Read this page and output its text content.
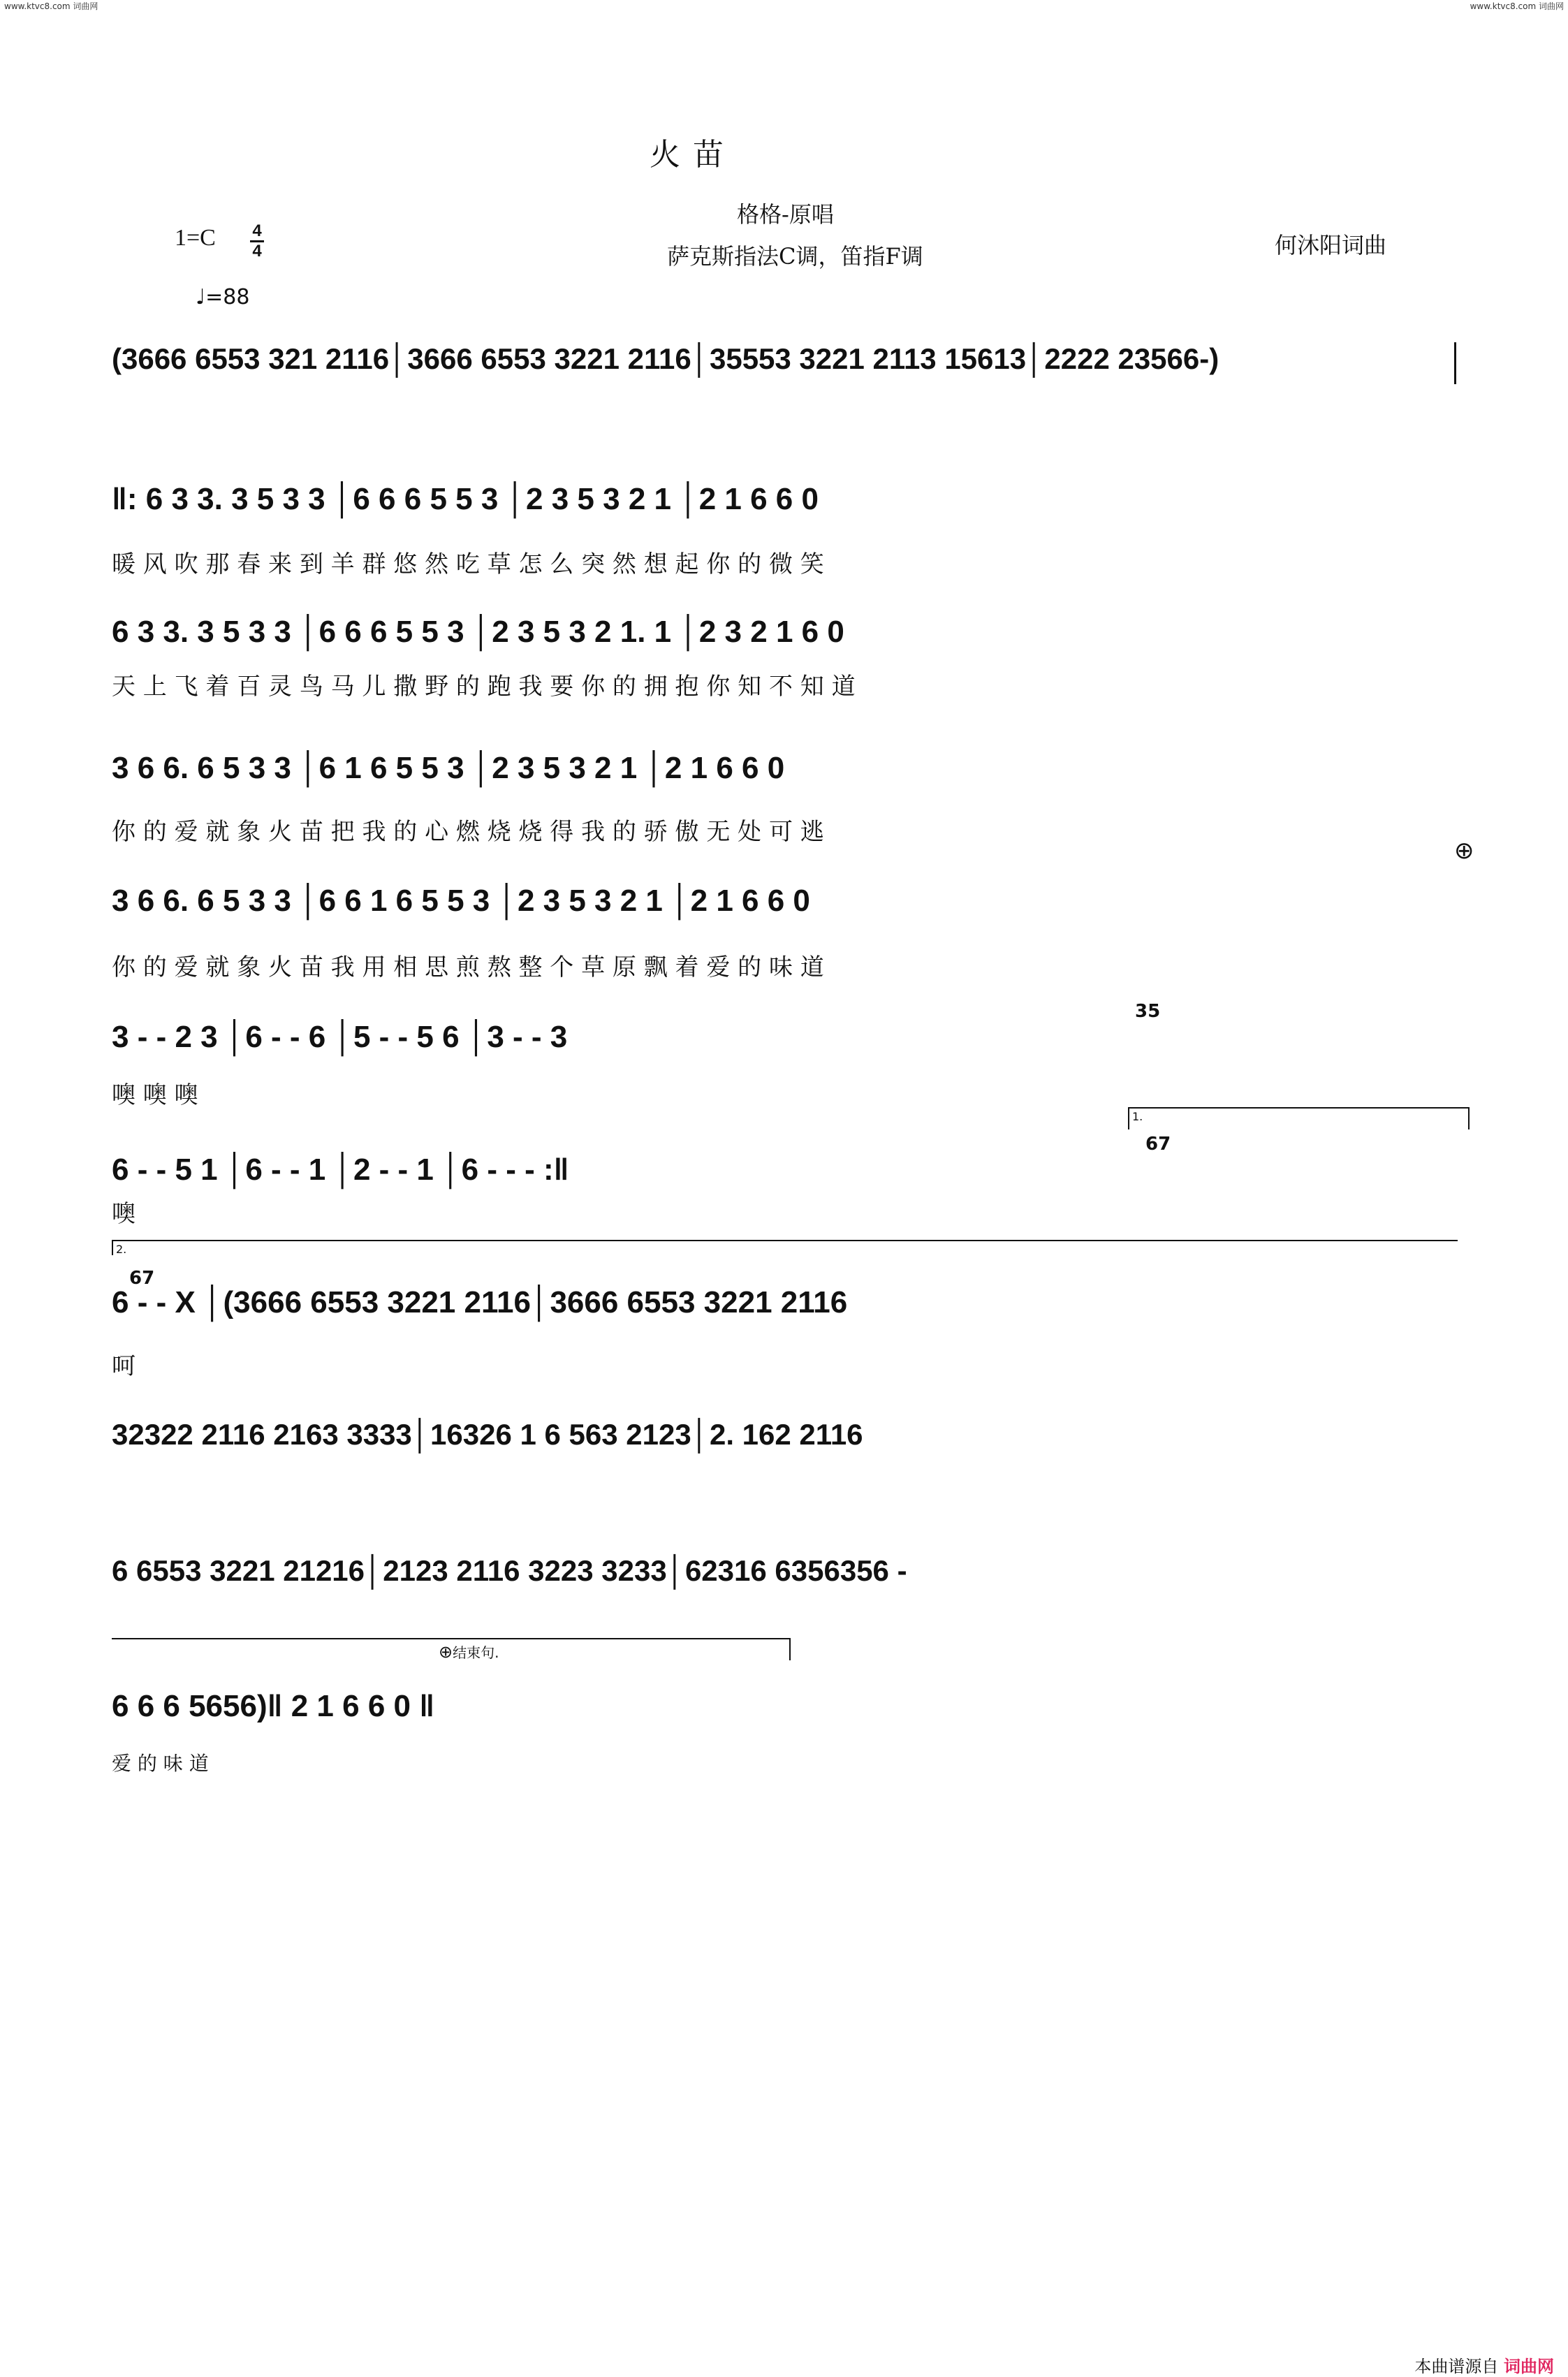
www.ktvc8.com 词曲网	www.ktvc8.com 词曲网
火 苗
格格-原唱
萨克斯指法C调，笛指F调	何沐阳词曲
$1=C \frac{4}{4}$
♩=88
(3666 6553 321 2116│3666 6553 3221 2116│35553 3221 2113 15613│2222 23566-)
‖: 6 3 3. 3 5 3 3 │6 6 6 5 5 3 │2 3 5 3 2 1 │2 1 6 6 0
暖 风 吹 那 春 来 到 羊 群 悠 然 吃 草 怎 么 突 然 想 起 你 的 微 笑
6 3 3. 3 5 3 3 │6 6 6 5 5 3 │2 3 5 3 2 1. 1 │2 3 2 1 6 0
天 上 飞 着 百 灵 鸟 马 儿 撒 野 的 跑 我 要 你 的 拥 抱 你 知 不 知 道
3 6 6. 6 5 3 3 │6 1 6 5 5 3 │2 3 5 3 2 1 │2 1 6 6 0
你 的 爱 就 象 火 苗 把 我 的 心 燃 烧 烧 得 我 的 骄 傲 无 处 可 逃
⊕
3 6 6. 6 5 3 3 │6 6 1 6 5 5 3 │2 3 5 3 2 1 │2 1 6 6 0
你 的 爱 就 象 火 苗 我 用 相 思 煎 熬 整 个 草 原 飘 着 爱 的 味 道
3 - - 2 3 │6 - - 6 │5 - - 5 6 │3 - - 3
噢 噢 噢
35
1.
6 - - 5 1 │6 - - 1 │2 - - 1 │6 - - - :‖
噢
67
2.
6 - - X │(3666 6553 3221 2116│3666 6553 3221 2116
呵
67
32322 2116 2163 3333│16326 1 6 563 2123│2. 162 2116
6 6553 3221 21216│2123 2116 3223 3233│62316 6356356 -
⊕结束句.
6 6 6 5656)‖ 2 1 6 6 0 ‖
爱 的 味 道
本曲谱源自 词曲网
